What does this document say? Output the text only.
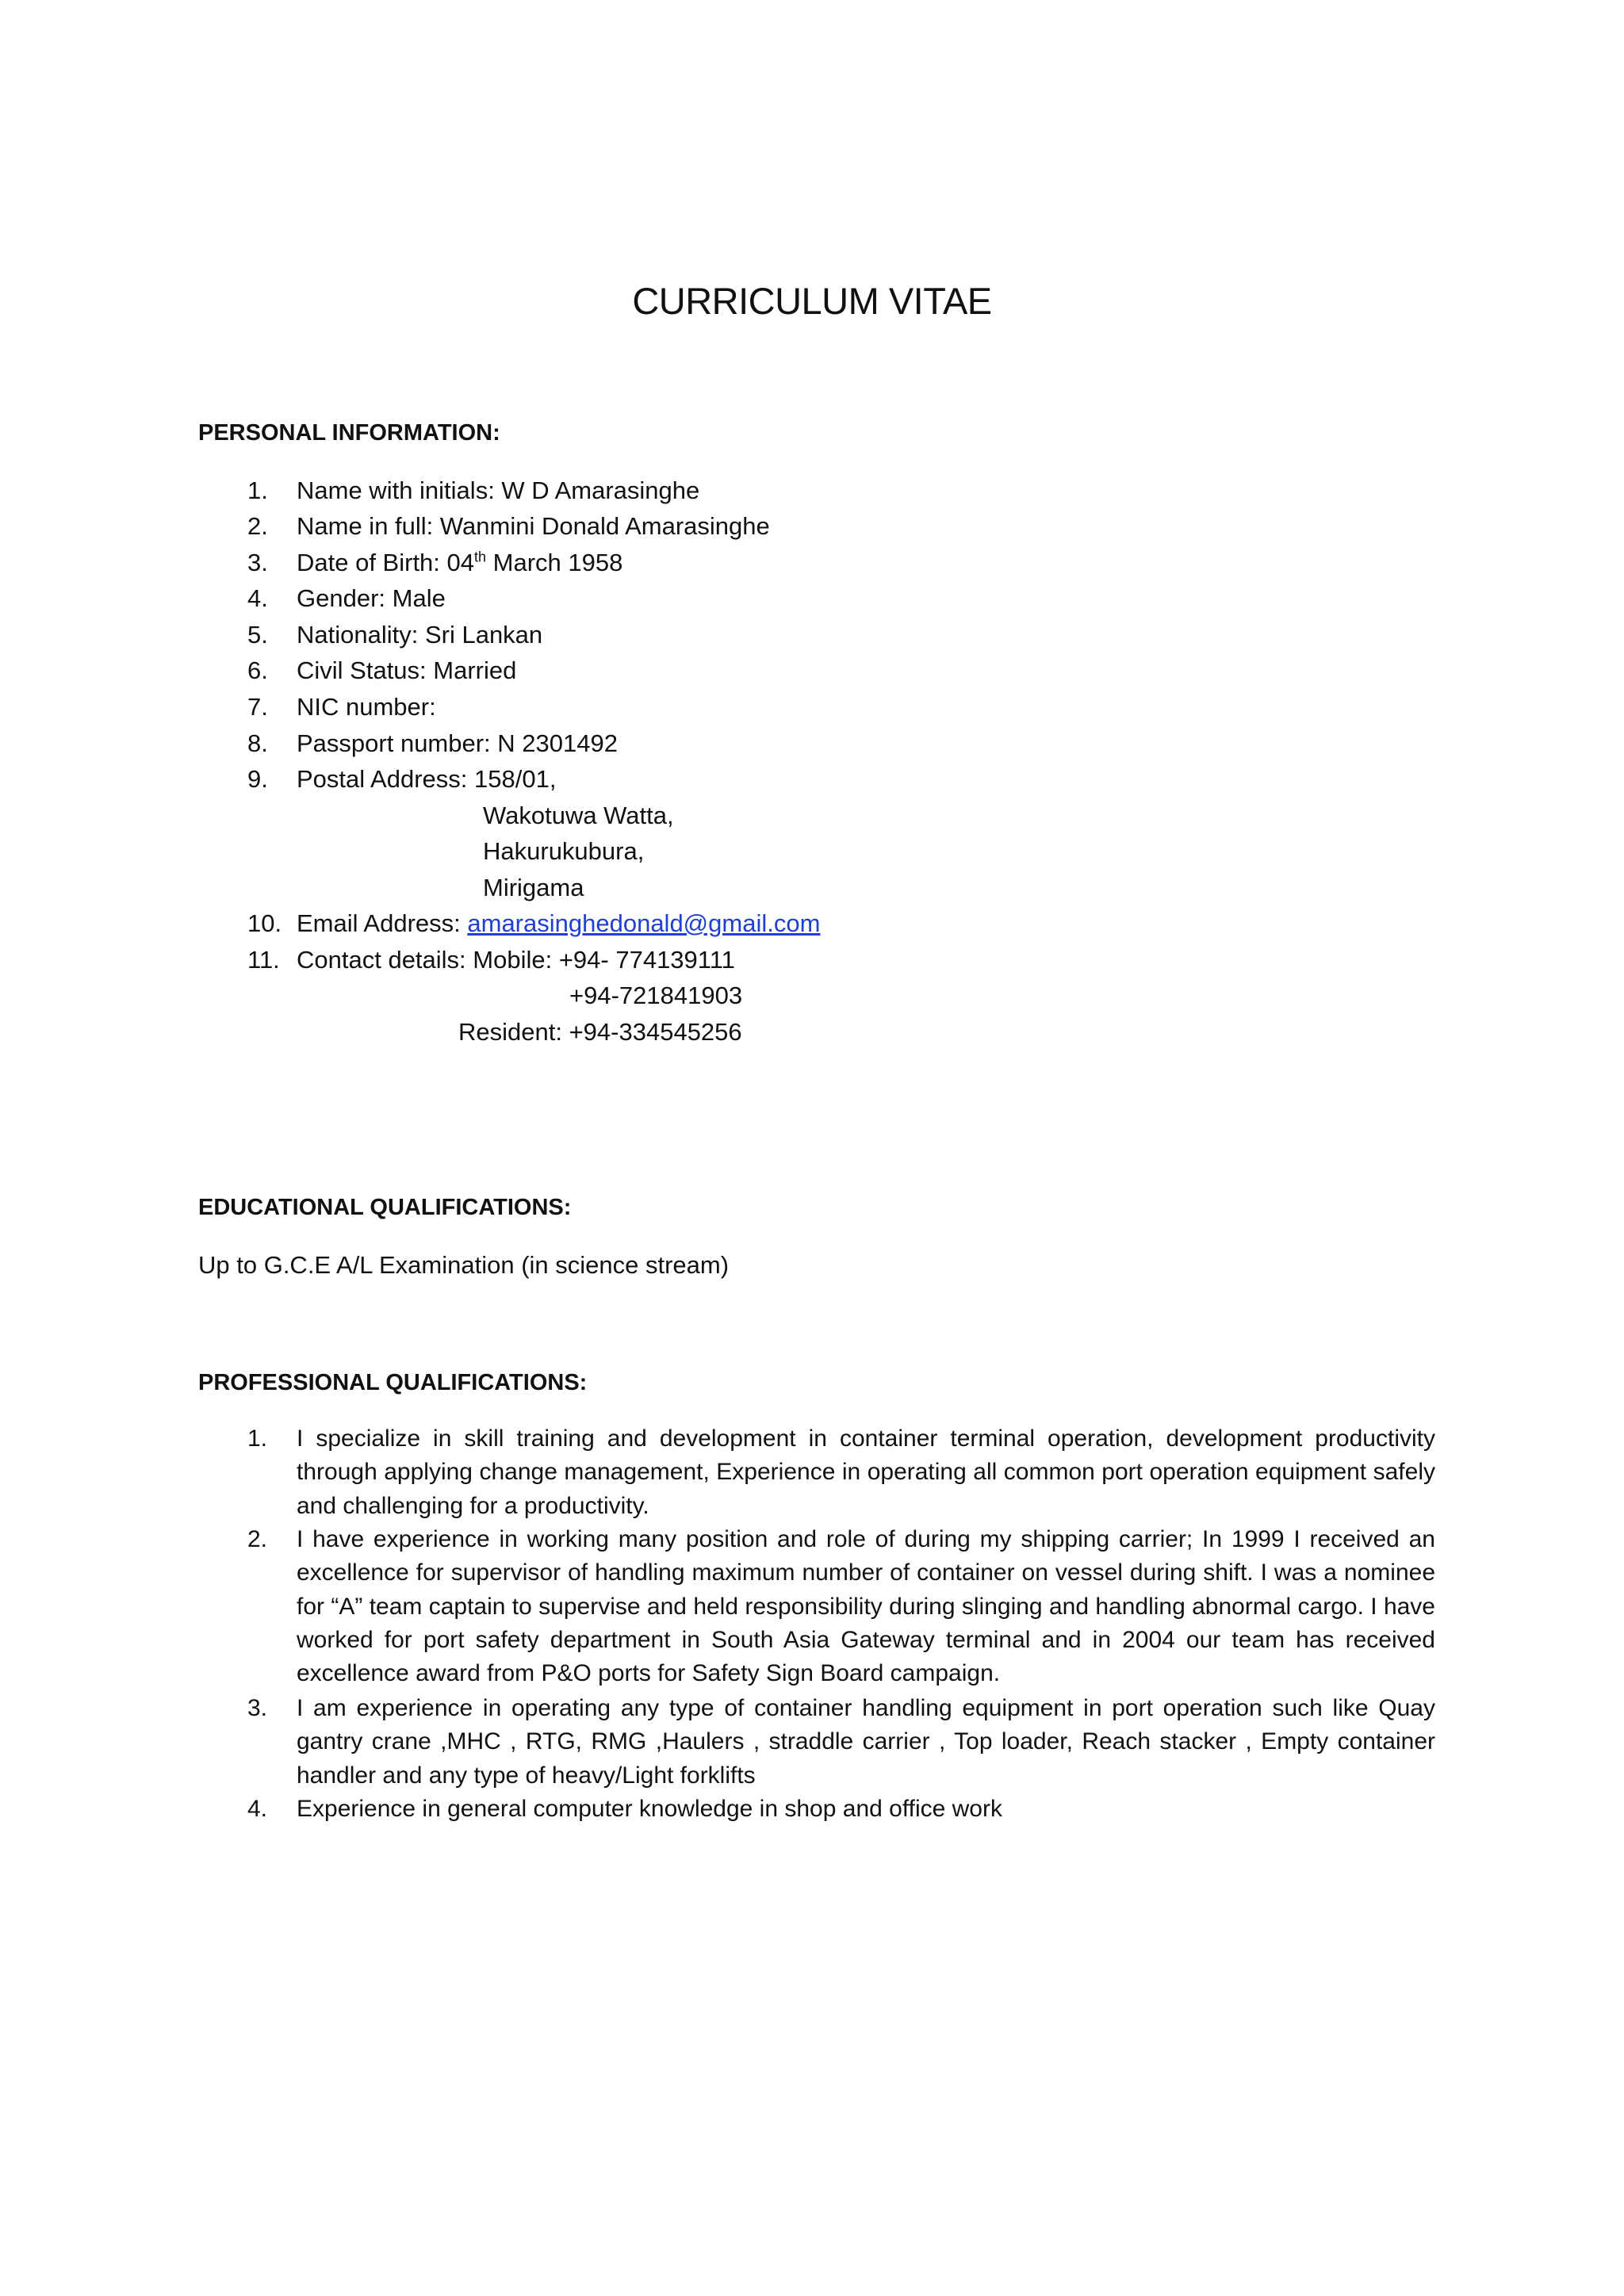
CURRICULUM VITAE
PERSONAL INFORMATION:
1.	Name with initials: W D Amarasinghe
2.	Name in full: Wanmini Donald Amarasinghe
3.	Date of Birth: 04th March 1958
4.	Gender: Male
5.	Nationality: Sri Lankan
6.	Civil Status: Married
7.	NIC number:
8.	Passport number: N 2301492
9.	Postal Address: 158/01,
Wakotuwa Watta,
Hakurukubura,
Mirigama
10. Email Address: amarasinghedonald@gmail.com
11. Contact details: Mobile: +94- 774139111
+94-721841903
Resident: +94-334545256
EDUCATIONAL QUALIFICATIONS:
Up to G.C.E A/L Examination (in science stream)
PROFESSIONAL QUALIFICATIONS:
1. I specialize in skill training and development in container terminal operation, development productivity through applying change management, Experience in operating all common port operation equipment safely and challenging for a productivity.
2. I have experience in working many position and role of during my shipping carrier; In 1999 I received an excellence for supervisor of handling maximum number of container on vessel during shift. I was a nominee for “A” team captain to supervise and held responsibility during slinging and handling abnormal cargo. I have worked for port safety department in South Asia Gateway terminal and in 2004 our team has received excellence award from P&O ports for Safety Sign Board campaign.
3. I am experience in operating any type of container handling equipment in port operation such like Quay gantry crane ,MHC , RTG, RMG ,Haulers , straddle carrier , Top loader, Reach stacker , Empty container handler and any type of heavy/Light forklifts
4. Experience in general computer knowledge in shop and office work
